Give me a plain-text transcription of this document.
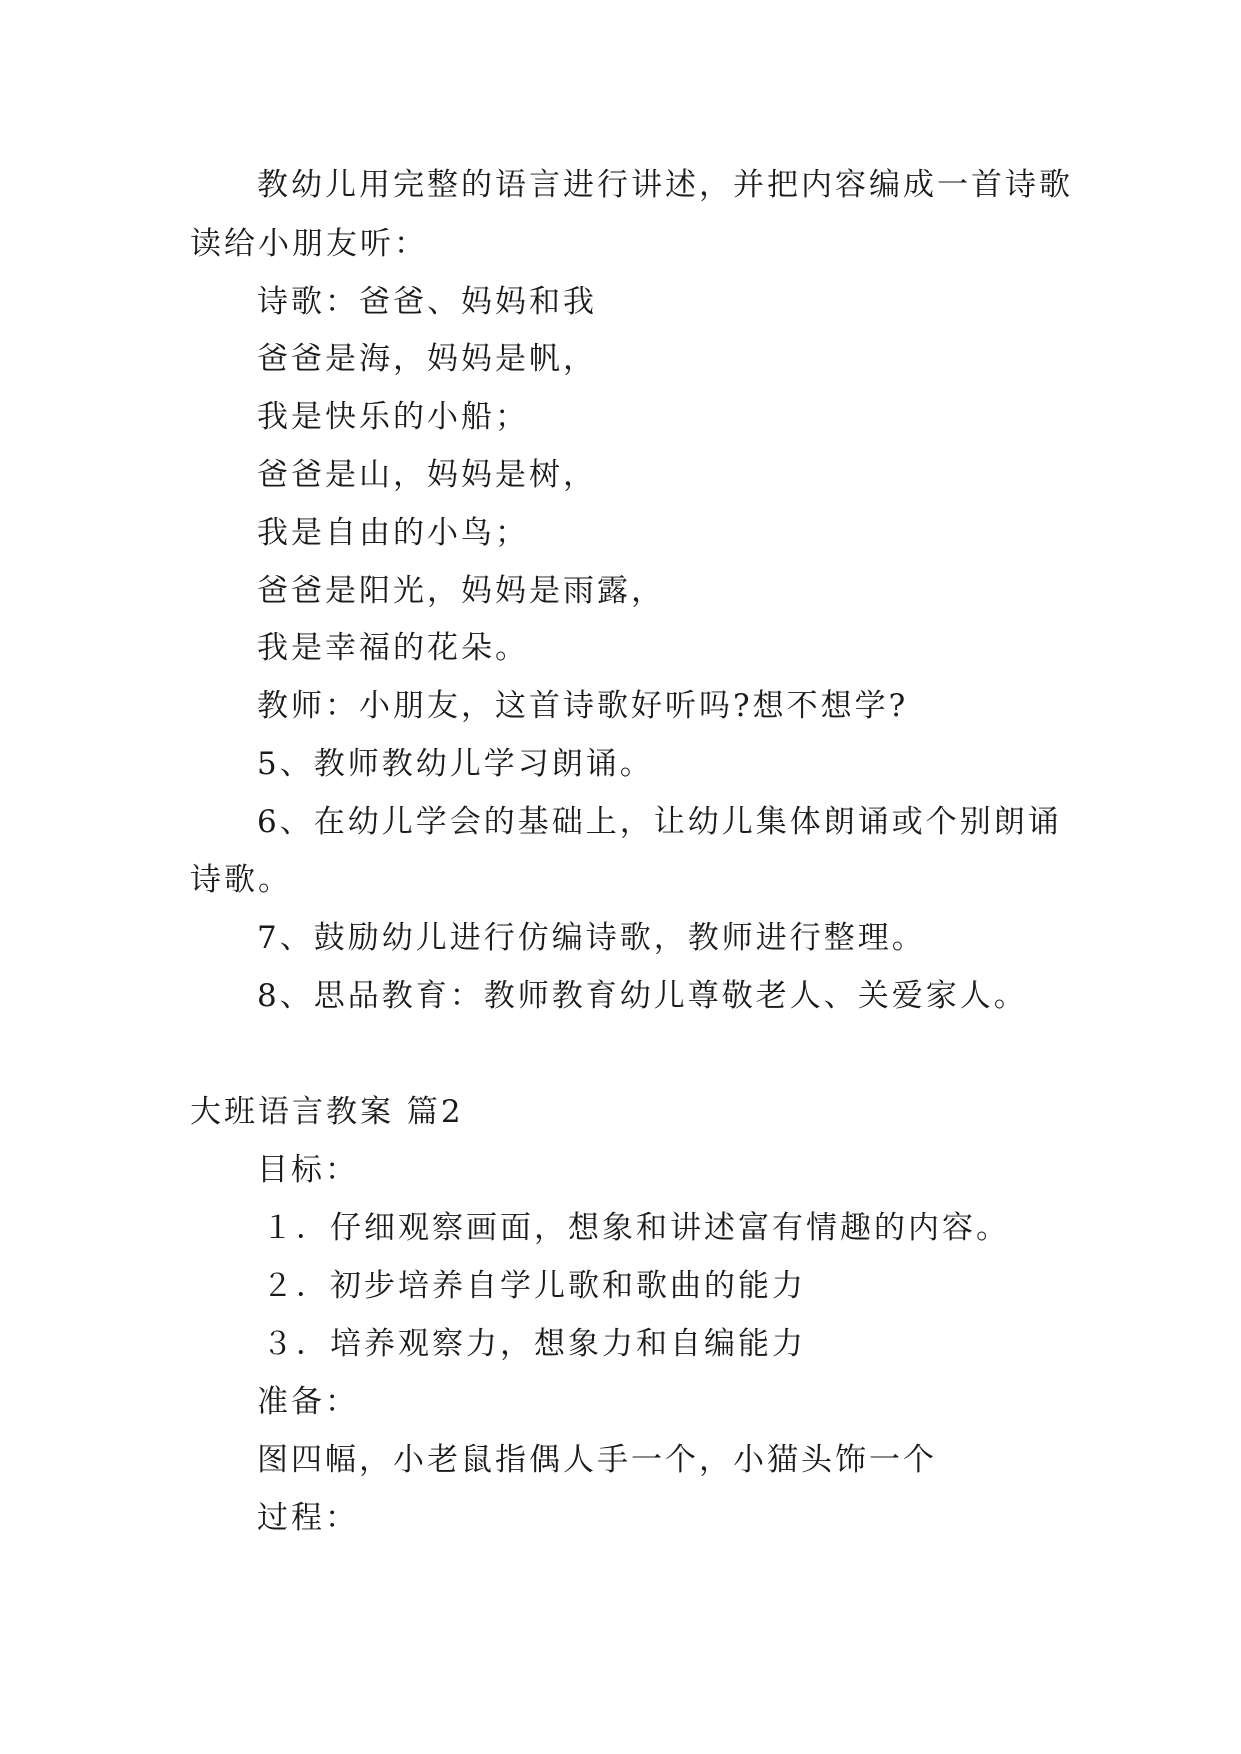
教幼儿用完整的语言进行讲述，并把内容编成一首诗歌
读给小朋友听：
诗歌：爸爸、妈妈和我
爸爸是海，妈妈是帆，
我是快乐的小船；
爸爸是山，妈妈是树，
我是自由的小鸟；
爸爸是阳光，妈妈是雨露，
我是幸福的花朵。
教师：小朋友，这首诗歌好听吗?想不想学?
5、教师教幼儿学习朗诵。
6、在幼儿学会的基础上，让幼儿集体朗诵或个别朗诵
诗歌。
7、鼓励幼儿进行仿编诗歌，教师进行整理。
8、思品教育：教师教育幼儿尊敬老人、关爱家人。
大班语言教案 篇2
目标：
１．仔细观察画面，想象和讲述富有情趣的内容。
２．初步培养自学儿歌和歌曲的能力
３．培养观察力，想象力和自编能力
准备：
图四幅，小老鼠指偶人手一个，小猫头饰一个
过程：
